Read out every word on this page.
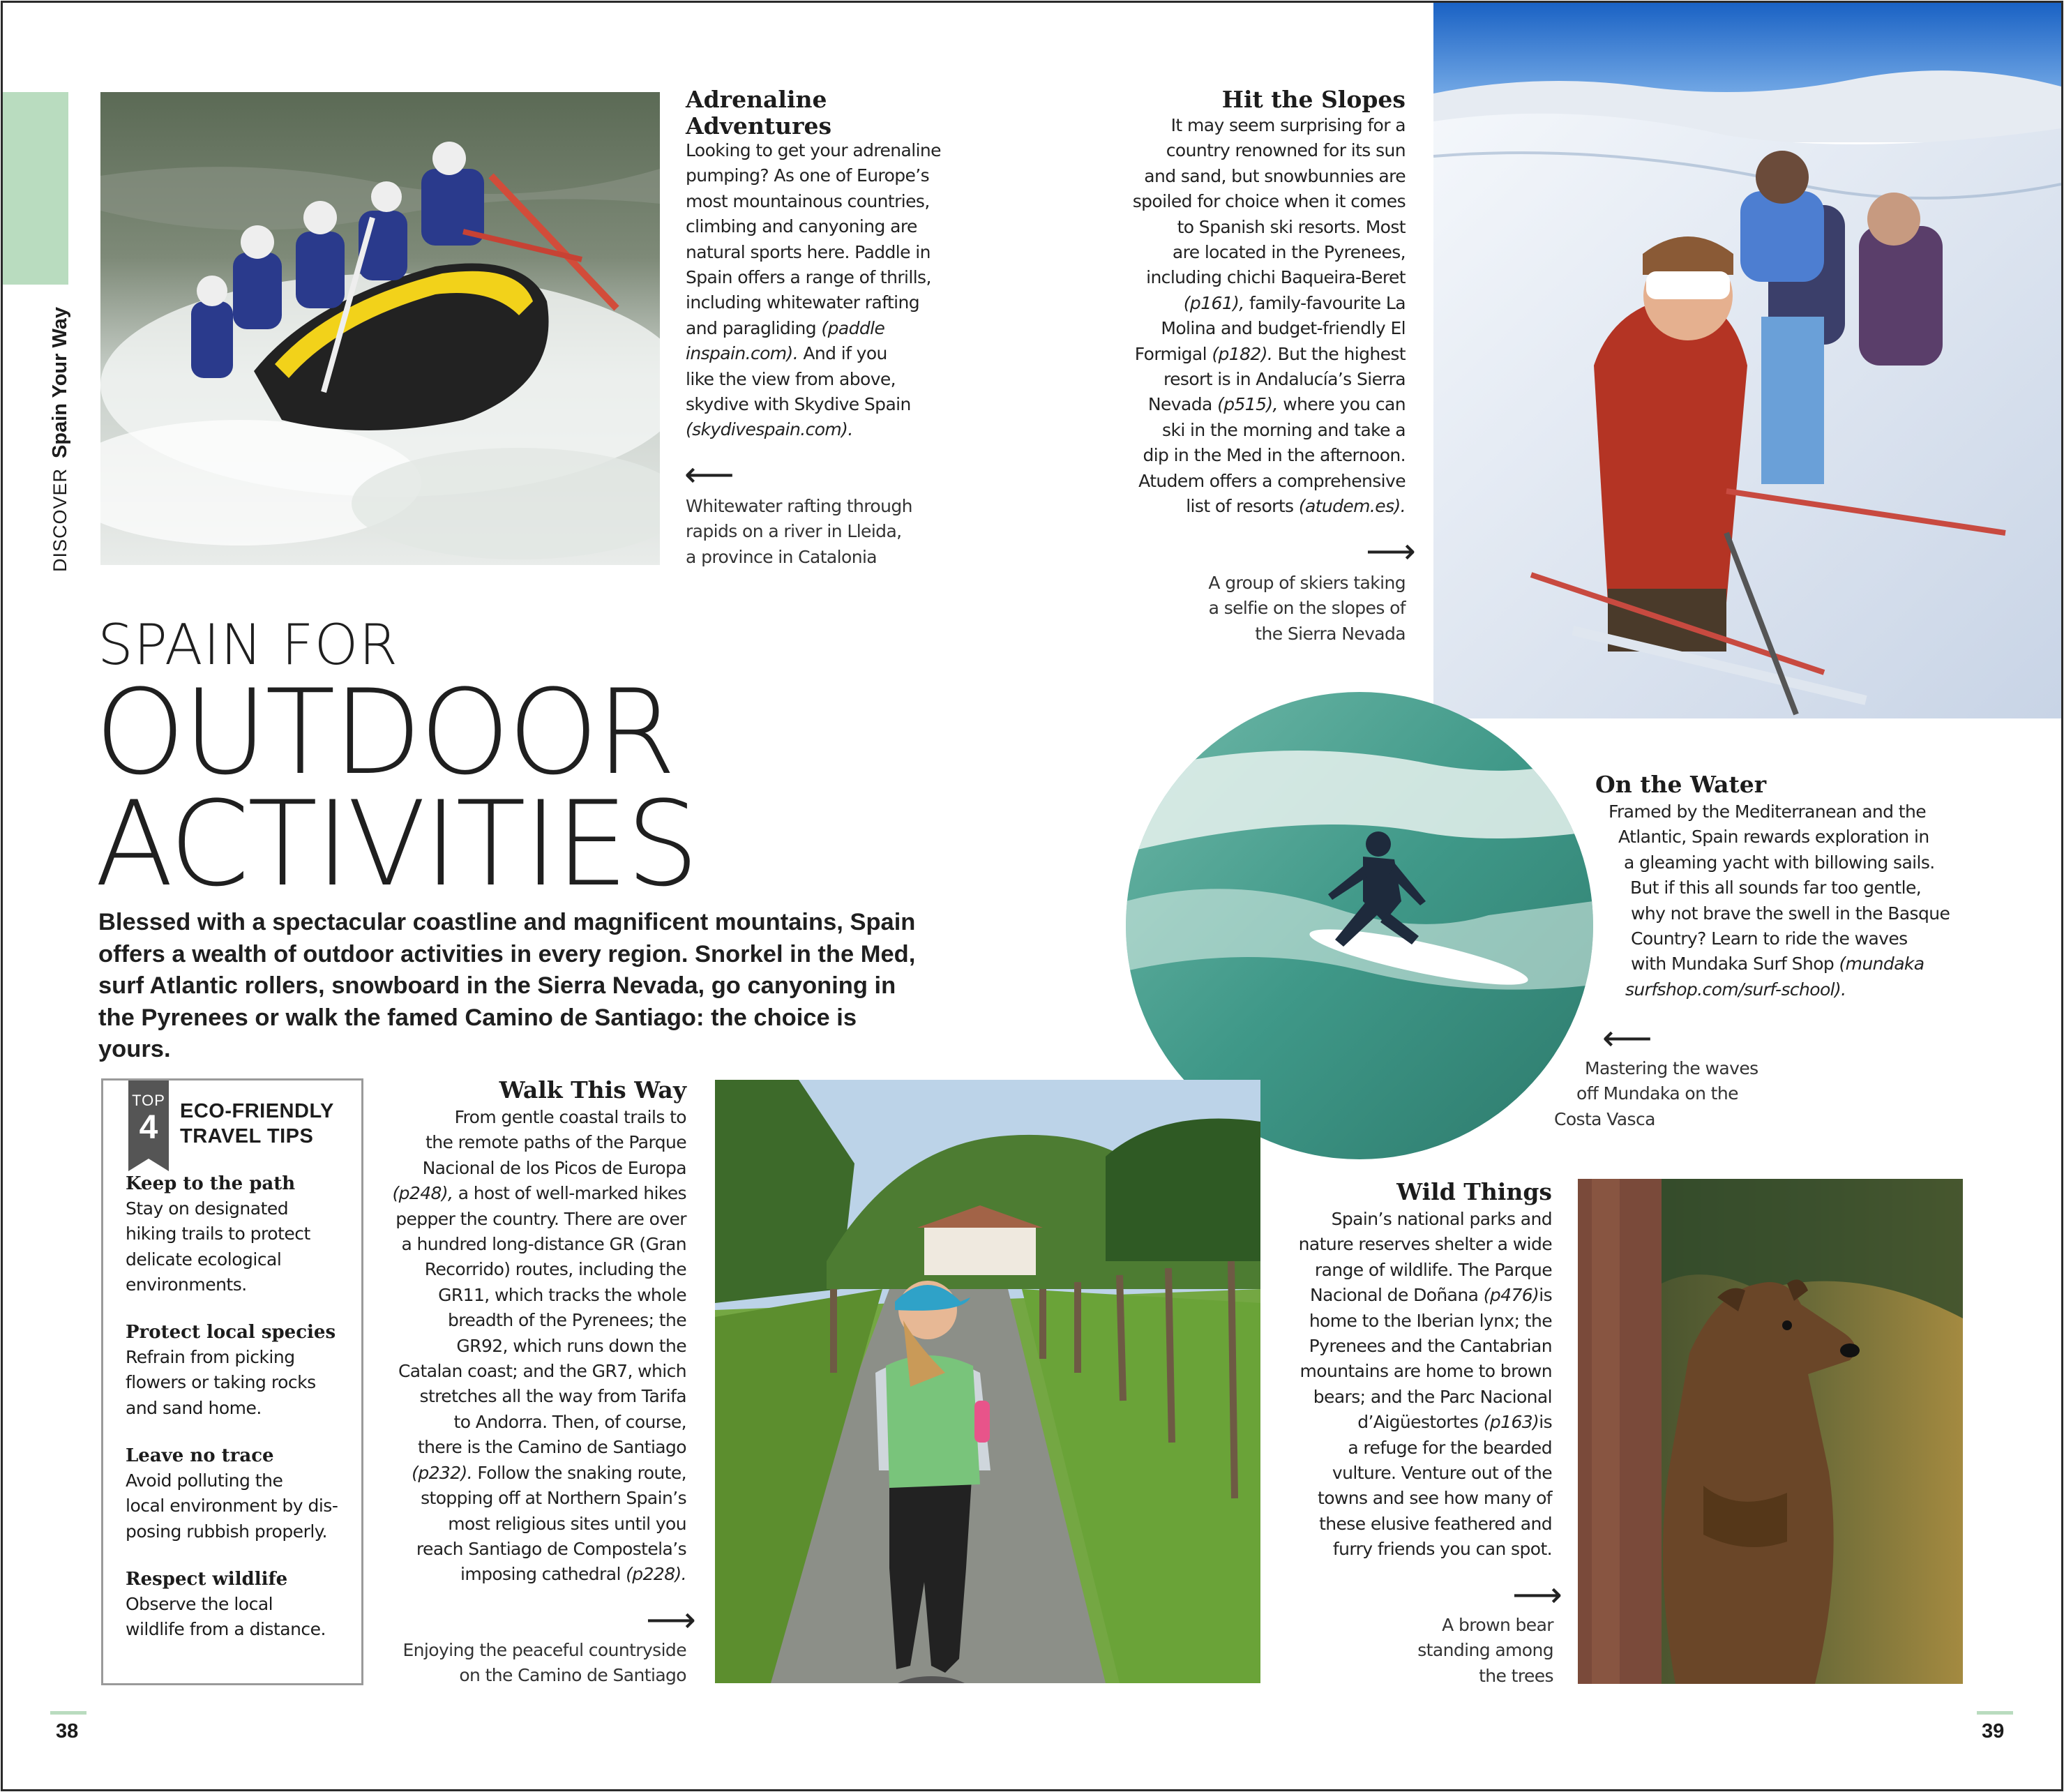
DISCOVER
Spain Your Way
Adrenaline Adventures
Looking to get your adrenaline
pumping? As one of Europe’s
most mountainous countries,
climbing and canyoning are
natural sports here. Paddle in
Spain offers a range of thrills,
including whitewater rafting
and paragliding (paddle
inspain.com). And if you
like the view from above,
skydive with Skydive Spain
(skydivespain.com).
⟵
Whitewater rafting through
rapids on a river in Lleida,
a province in Catalonia
Hit the Slopes
It may seem surprising for a
country renowned for its sun
and sand, but snowbunnies are
spoiled for choice when it comes
to Spanish ski resorts. Most
are located in the Pyrenees,
including chichi Baqueira-Beret
(p161), family-favourite La
Molina and budget-friendly El
Formigal (p182). But the highest
resort is in Andalucía’s Sierra
Nevada (p515), where you can
ski in the morning and take a
dip in the Med in the afternoon.
Atudem offers a comprehensive
list of resorts (atudem.es).
⟶
A group of skiers taking
a selfie on the slopes of
the Sierra Nevada
SPAIN FOR
OUTDOOR
ACTIVITIES
Blessed with a spectacular coastline and magnificent mountains, Spain offers a wealth of outdoor activities in every region. Snorkel in the Med, surf Atlantic rollers, snowboard in the Sierra Nevada, go canyoning in the Pyrenees or walk the famed Camino de Santiago: the choice is yours.
On the Water
Framed by the Mediterranean and the
Atlantic, Spain rewards exploration in
a gleaming yacht with billowing sails.
But if this all sounds far too gentle,
why not brave the swell in the Basque
Country? Learn to ride the waves
with Mundaka Surf Shop (mundaka
surfshop.com/surf-school).
⟵
Mastering the waves
off Mundaka on the
Costa Vasca
TOP
4	ECO-FRIENDLY
TRAVEL TIPS
Keep to the path
Stay on designated
hiking trails to protect
delicate ecological
environments.
Protect local species
Refrain from picking
flowers or taking rocks
and sand home.
Leave no trace
Avoid polluting the
local environment by dis-
posing rubbish properly.
Respect wildlife
Observe the local
wildlife from a distance.
Walk This Way
From gentle coastal trails to
the remote paths of the Parque
Nacional de los Picos de Europa
(p248), a host of well-marked hikes
pepper the country. There are over
a hundred long-distance GR (Gran
Recorrido) routes, including the
GR11, which tracks the whole
breadth of the Pyrenees; the
GR92, which runs down the
Catalan coast; and the GR7, which
stretches all the way from Tarifa
to Andorra. Then, of course,
there is the Camino de Santiago
(p232). Follow the snaking route,
stopping off at Northern Spain’s
most religious sites until you
reach Santiago de Compostela’s
imposing cathedral (p228).
⟶
Enjoying the peaceful countryside
on the Camino de Santiago
Wild Things
Spain’s national parks and
nature reserves shelter a wide
range of wildlife. The Parque
Nacional de Doñana (p476)is
home to the Iberian lynx; the
Pyrenees and the Cantabrian
mountains are home to brown
bears; and the Parc Nacional
d’Aigüestortes (p163)is
a refuge for the bearded
vulture. Venture out of the
towns and see how many of
these elusive feathered and
furry friends you can spot.
⟶
A brown bear
standing among
the trees
38	39
